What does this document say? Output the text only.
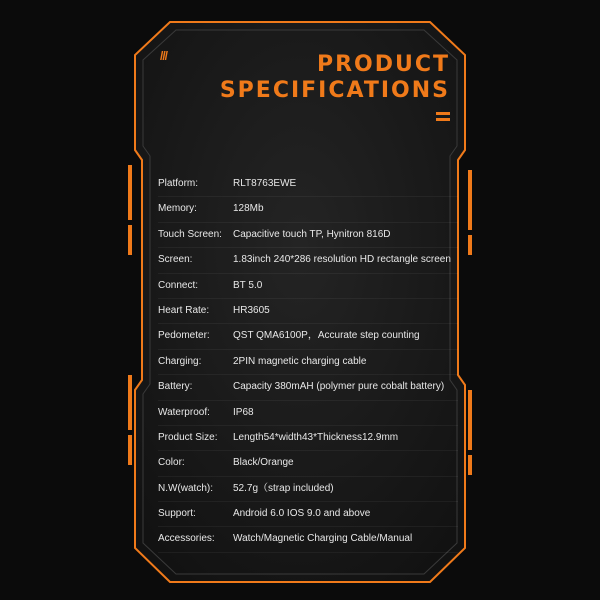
///	PRODUCT
SPECIFICATIONS
Platform:	RLT8763EWE
Memory:	128Mb
Touch Screen: Capacitive touch TP, Hynitron 816D
Screen:	1.83inch 240*286 resolution HD rectangle screen
Connect:	BT 5.0
Heart Rate: HR3605
Pedometer: QST QMA6100P，Accurate step counting
Charging:	2PIN magnetic charging cable
Battery:	Capacity 380mAH (polymer pure cobalt battery)
Waterproof: IP68
Product Size: Length54*width43*Thickness12.9mm
Color:	Black/Orange
N.W(watch): 52.7g（strap included)
Support:	Android 6.0 IOS 9.0 and above
Accessories: Watch/Magnetic Charging Cable/Manual
